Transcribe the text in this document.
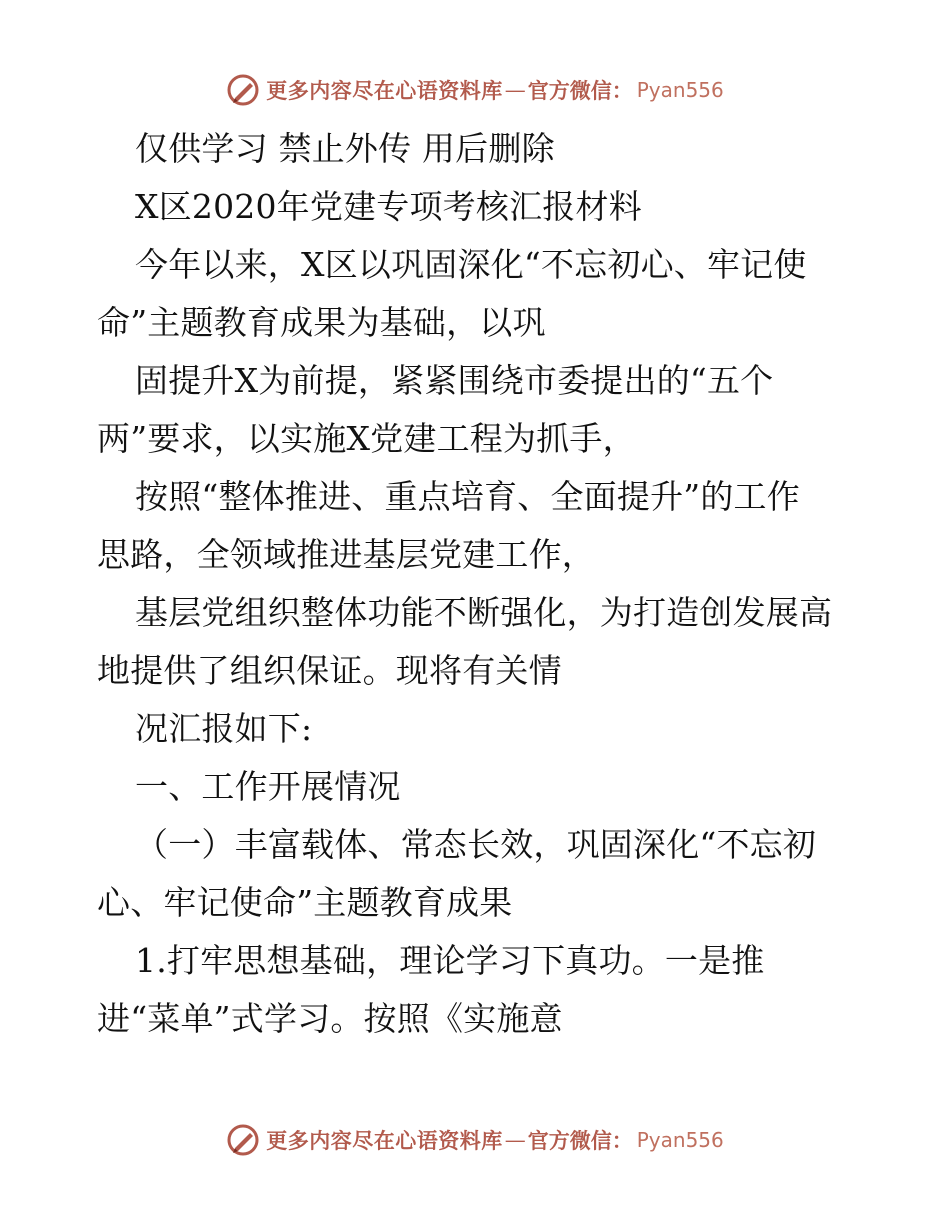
更多内容尽在心语资料库 — 官方微信： Pyan556
仅供学习 禁止外传 用后删除
X区2020年党建专项考核汇报材料
今年以来，X区以巩固深化“不忘初心、牢记使
命”主题教育成果为基础，以巩
固提升X为前提，紧紧围绕市委提出的“五个
两”要求，以实施X党建工程为抓手，
按照“整体推进、重点培育、全面提升”的工作
思路，全领域推进基层党建工作，
基层党组织整体功能不断强化，为打造创发展高
地提供了组织保证。现将有关情
况汇报如下:
一、工作开展情况
（一）丰富载体、常态长效，巩固深化“不忘初
心、牢记使命”主题教育成果
1.打牢思想基础，理论学习下真功。一是推
进“菜单”式学习。按照《实施意
更多内容尽在心语资料库 — 官方微信： Pyan556
